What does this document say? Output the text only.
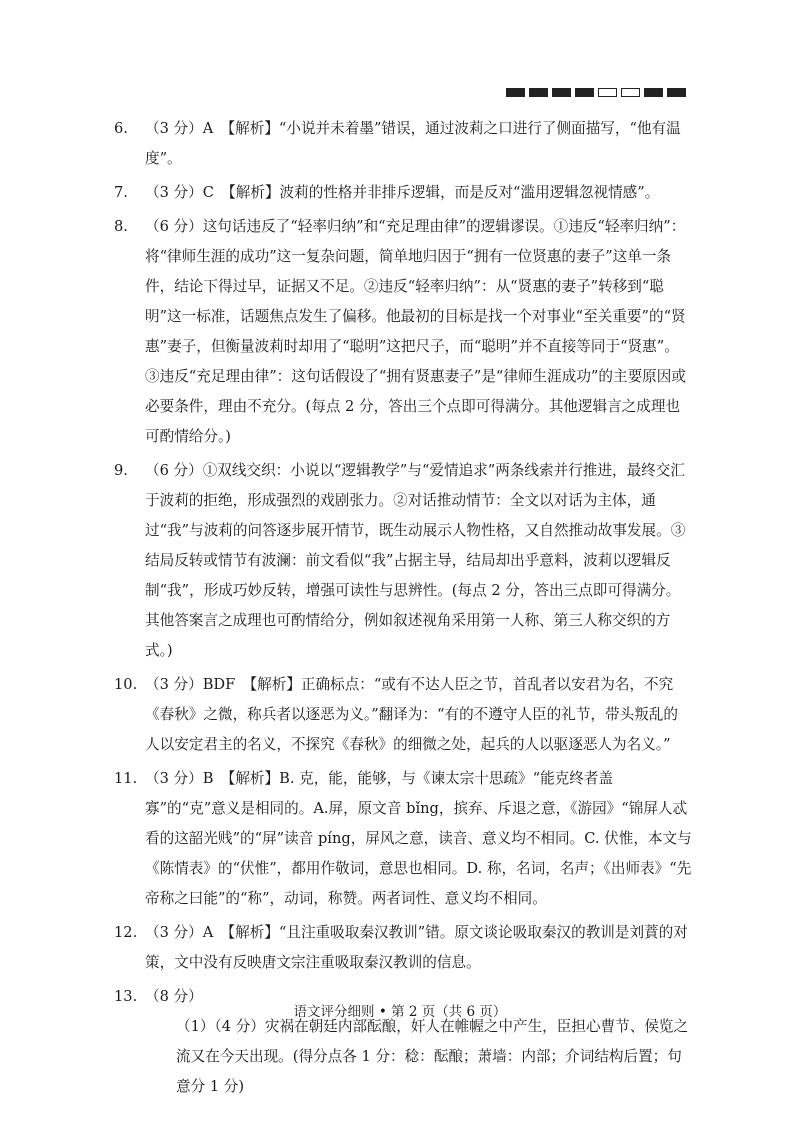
6. （3 分）A　【解析】“小说并未着墨”错误，通过波莉之口进行了侧面描写，“他有温度”。
7. （3 分）C　【解析】波莉的性格并非排斥逻辑，而是反对“滥用逻辑忽视情感”。
8. （6 分）这句话违反了“轻率归纳”和“充足理由律”的逻辑谬误。①违反“轻率归纳”：将“律师生涯的成功”这一复杂问题，简单地归因于“拥有一位贤惠的妻子”这单一条件，结论下得过早，证据又不足。②违反“轻率归纳”：从“贤惠的妻子”转移到“聪明”这一标准，话题焦点发生了偏移。他最初的目标是找一个对事业“至关重要”的“贤惠”妻子，但衡量波莉时却用了“聪明”这把尺子，而“聪明”并不直接等同于“贤惠”。③违反“充足理由律”：这句话假设了“拥有贤惠妻子”是“律师生涯成功”的主要原因或必要条件，理由不充分。(每点 2 分，答出三个点即可得满分。其他逻辑言之成理也可酌情给分。)
9. （6 分）①双线交织：小说以“逻辑教学”与“爱情追求”两条线索并行推进，最终交汇于波莉的拒绝，形成强烈的戏剧张力。②对话推动情节：全文以对话为主体，通过“我”与波莉的问答逐步展开情节，既生动展示人物性格，又自然推动故事发展。③结局反转或情节有波澜：前文看似“我”占据主导，结局却出乎意料，波莉以逻辑反制“我”，形成巧妙反转，增强可读性与思辨性。(每点 2 分，答出三点即可得满分。其他答案言之成理也可酌情给分，例如叙述视角采用第一人称、第三人称交织的方式。)
10. （3 分）BDF　【解析】正确标点：“或有不达人臣之节，首乱者以安君为名，不究《春秋》之微，称兵者以逐恶为义。”翻译为：“有的不遵守人臣的礼节，带头叛乱的人以安定君主的名义，不探究《春秋》的细微之处，起兵的人以驱逐恶人为名义。”
11. （3 分）B　【解析】B. 克，能，能够，与《谏太宗十思疏》“能克终者盖寡”的“克”意义是相同的。A.屏，原文音 bǐng，摈弃、斥退之意，《游园》“锦屏人忒看的这韶光贱”的“屏”读音 píng，屏风之意，读音、意义均不相同。C. 伏惟，本文与《陈情表》的“伏惟”，都用作敬词，意思也相同。D. 称，名词，名声；《出师表》“先帝称之曰能”的“称”，动词，称赞。两者词性、意义均不相同。
12. （3 分）A　【解析】“且注重吸取秦汉教训”错。原文谈论吸取秦汉的教训是刘蕡的对策，文中没有反映唐文宗注重吸取秦汉教训的信息。
13. （8 分）
（1）（4 分）灾祸在朝廷内部酝酿，奸人在帷幄之中产生，臣担心曹节、侯览之流又在今天出现。(得分点各 1 分：稔：酝酿；萧墙：内部；介词结构后置；句意分 1 分)
语文评分细则 • 第 2 页（共 6 页）
